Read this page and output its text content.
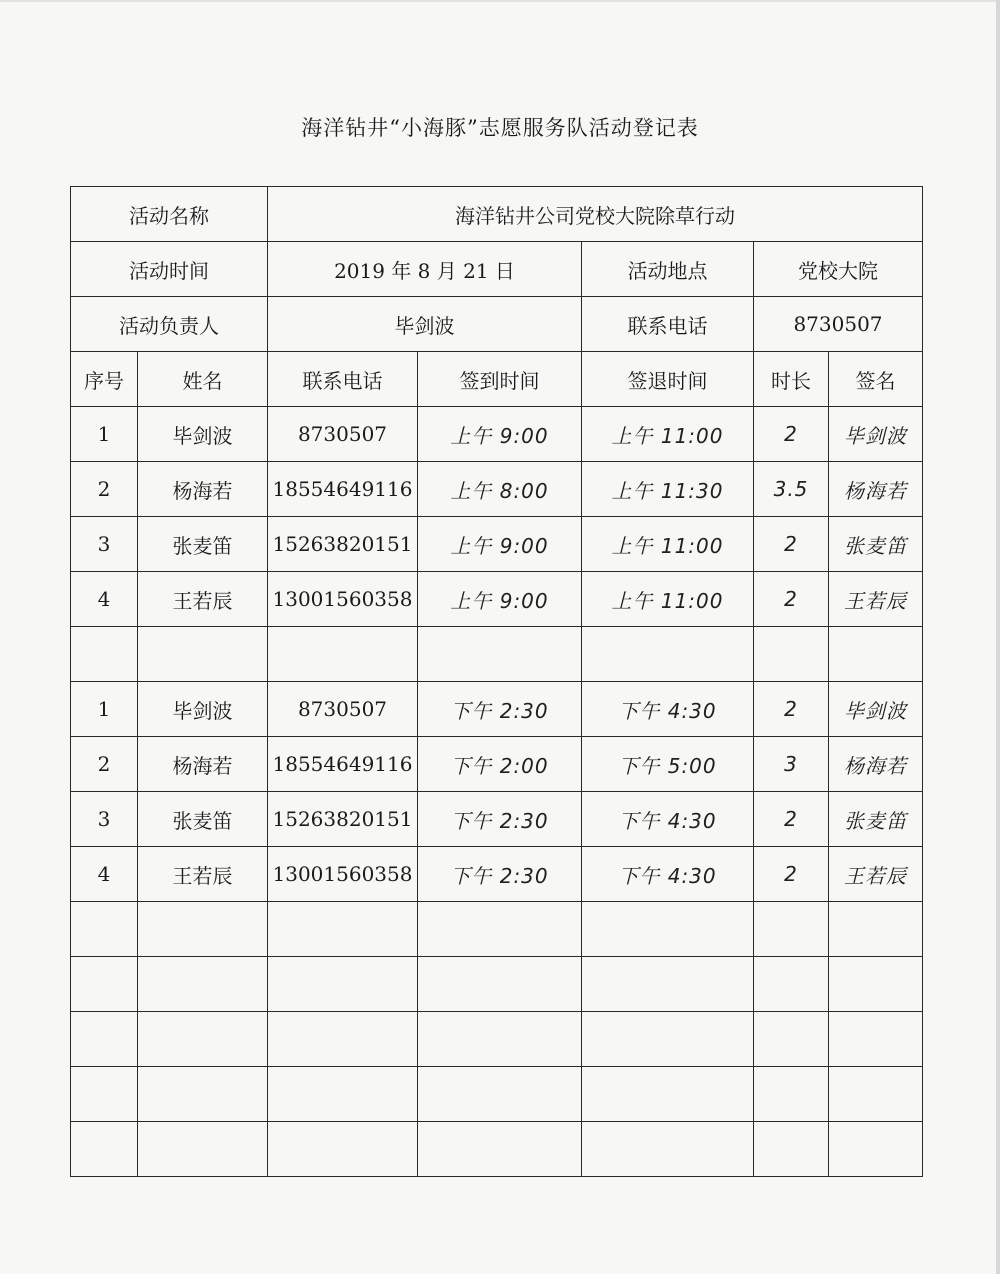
海洋钻井“小海豚”志愿服务队活动登记表
活动名称		海洋钻井公司党校大院除草行动				
活动时间		2019 年 8 月 21 日		活动地点	党校大院	
活动负责人		毕剑波		联系电话	8730507	
序号	姓名	联系电话	签到时间	签退时间	时长	签名
1	毕剑波	8730507	上午 9:00	上午 11:00	2	毕剑波
2	杨海若	18554649116	上午 8:00	上午 11:30	3.5	杨海若
3	张麦笛	15263820151	上午 9:00	上午 11:00	2	张麦笛
4	王若辰	13001560358	上午 9:00	上午 11:00	2	王若辰

1	毕剑波	8730507	下午 2:30	下午 4:30	2	毕剑波
2	杨海若	18554649116	下午 2:00	下午 5:00	3	杨海若
3	张麦笛	15263820151	下午 2:30	下午 4:30	2	张麦笛
4	王若辰	13001560358	下午 2:30	下午 4:30	2	王若辰
